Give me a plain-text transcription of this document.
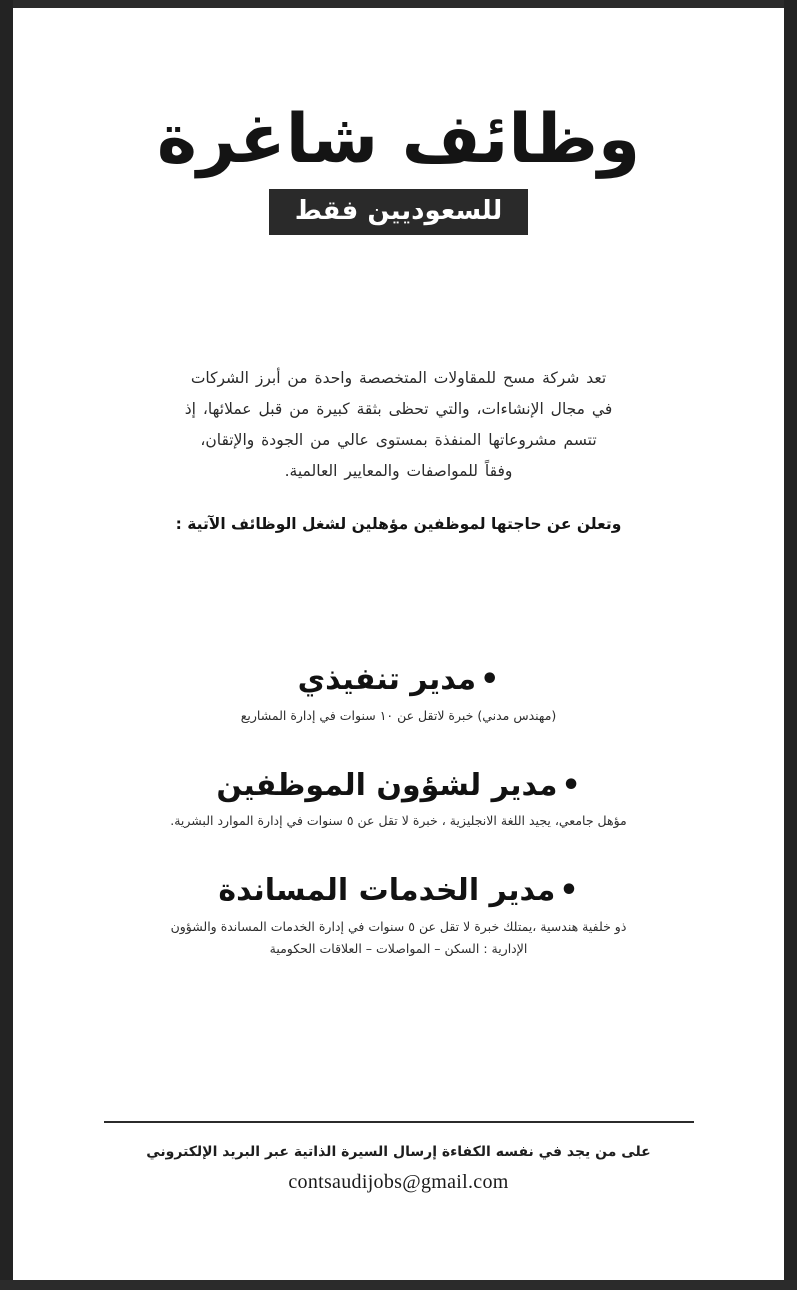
وظائف شاغرة
للسعوديين فقط
تعد شركة مسح للمقاولات المتخصصة واحدة من أبرز الشركات في مجال الإنشاءات، والتي تحظى بثقة كبيرة من قبل عملائها، إذ تتسم مشروعاتها المنفذة بمستوى عالي من الجودة والإتقان، وفقاً للمواصفات والمعايير العالمية.
وتعلن عن حاجتها لموظفين مؤهلين لشغل الوظائف الآتية :
•مدير تنفيذي
(مهندس مدني) خبرة لاتقل عن ١٠ سنوات في إدارة المشاريع
•مدير لشؤون الموظفين
مؤهل جامعي، يجيد اللغة الانجليزية ، خبرة لا تقل عن ٥ سنوات في إدارة الموارد البشرية.
•مدير الخدمات المساندة
ذو خلفية هندسية ،يمتلك خبرة لا تقل عن ٥ سنوات في إدارة الخدمات المساندة والشؤون الإدارية : السكن – المواصلات – العلاقات الحكومية
على من يجد في نفسه الكفاءة إرسال السيرة الذاتية عبر البريد الإلكتروني
contsaudijobs@gmail.com
